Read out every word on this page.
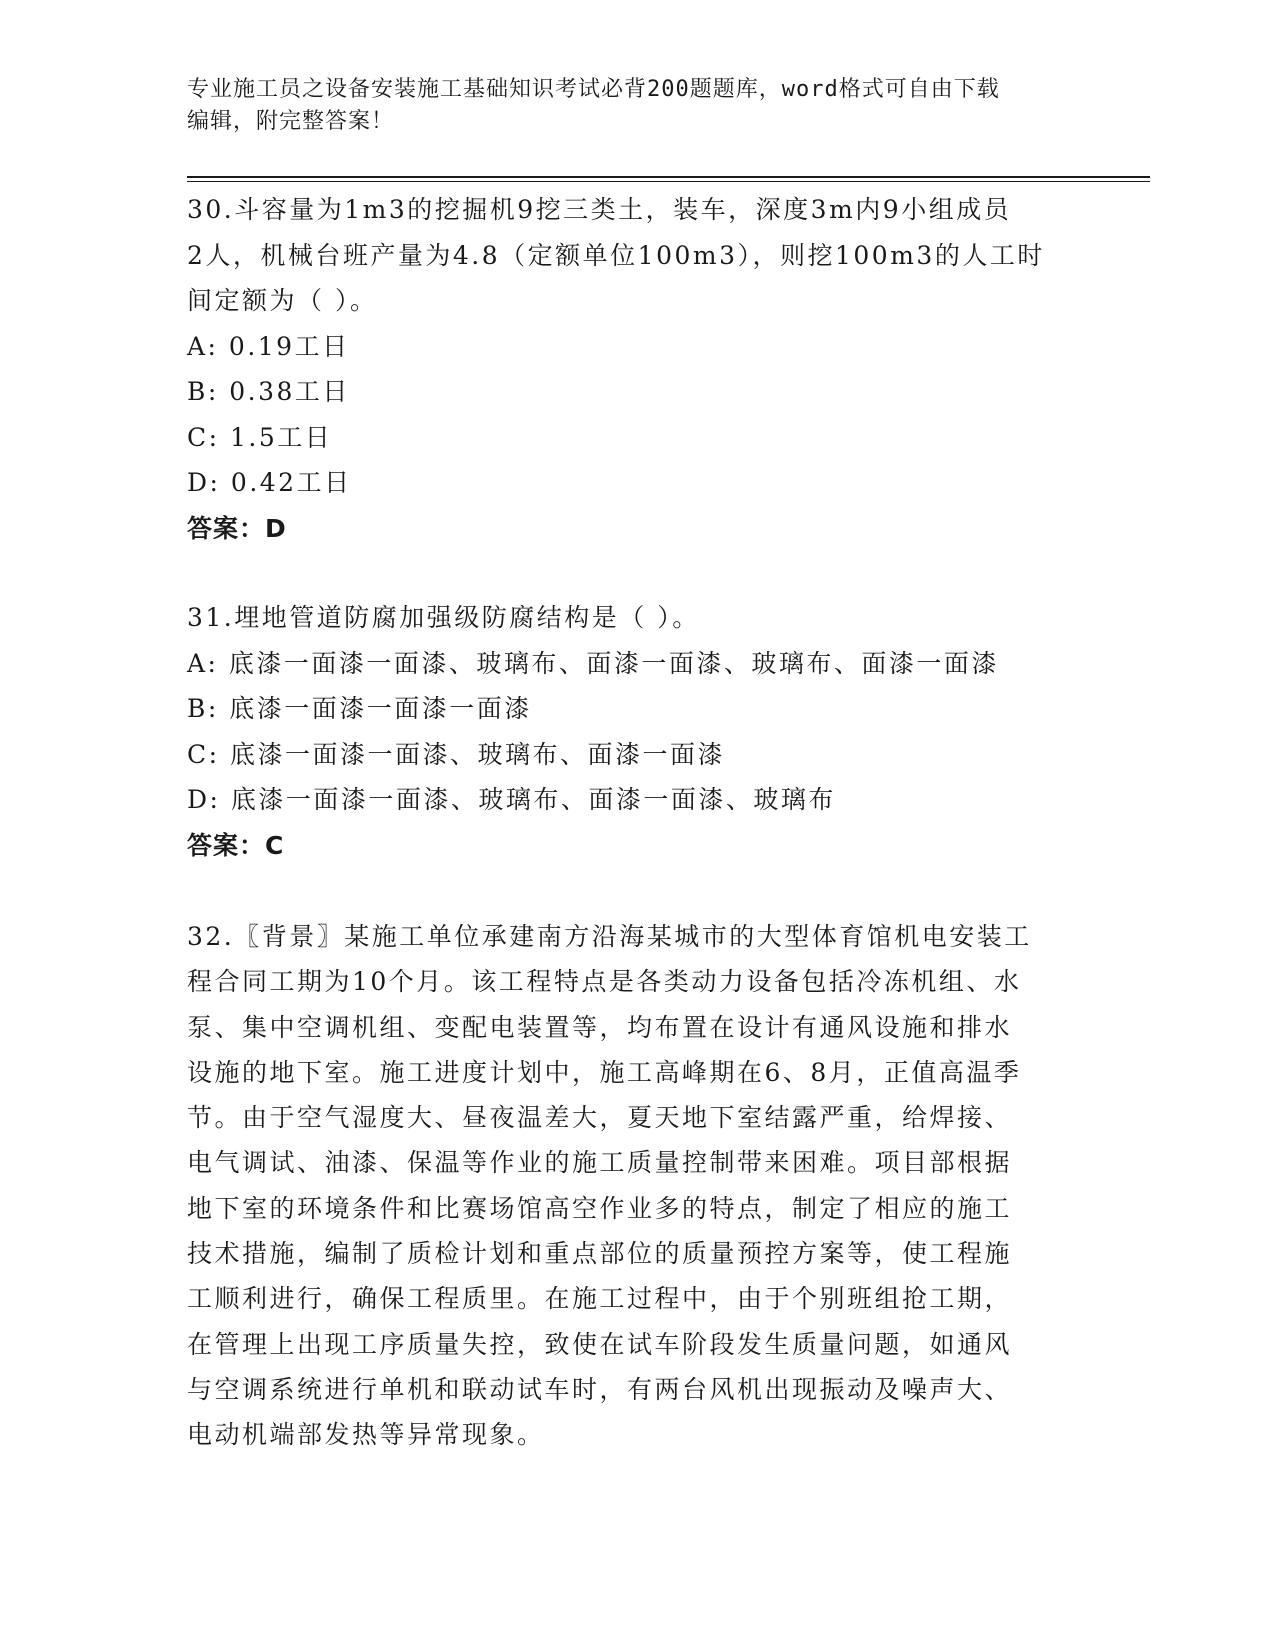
专业施工员之设备安装施工基础知识考试必背200题题库，word格式可自由下载
编辑，附完整答案！
30.斗容量为1m3的挖掘机9挖三类土，装车，深度3m内9小组成员
2人，机械台班产量为4.8（定额单位100m3），则挖100m3的人工时
间定额为（ ）。
A: 0.19工日
B: 0.38工日
C: 1.5工日
D: 0.42工日
答案：D
31.埋地管道防腐加强级防腐结构是（ ）。
A: 底漆一面漆一面漆、玻璃布、面漆一面漆、玻璃布、面漆一面漆
B: 底漆一面漆一面漆一面漆
C: 底漆一面漆一面漆、玻璃布、面漆一面漆
D: 底漆一面漆一面漆、玻璃布、面漆一面漆、玻璃布
答案：C
32.〖背景〗某施工单位承建南方沿海某城市的大型体育馆机电安装工
程合同工期为10个月。该工程特点是各类动力设备包括冷冻机组、水
泵、集中空调机组、变配电装置等，均布置在设计有通风设施和排水
设施的地下室。施工进度计划中，施工高峰期在6、8月，正值高温季
节。由于空气湿度大、昼夜温差大，夏天地下室结露严重，给焊接、
电气调试、油漆、保温等作业的施工质量控制带来困难。项目部根据
地下室的环境条件和比赛场馆高空作业多的特点，制定了相应的施工
技术措施，编制了质检计划和重点部位的质量预控方案等，使工程施
工顺利进行，确保工程质里。在施工过程中，由于个别班组抢工期，
在管理上出现工序质量失控，致使在试车阶段发生质量问题，如通风
与空调系统进行单机和联动试车时，有两台风机出现振动及噪声大、
电动机端部发热等异常现象。
